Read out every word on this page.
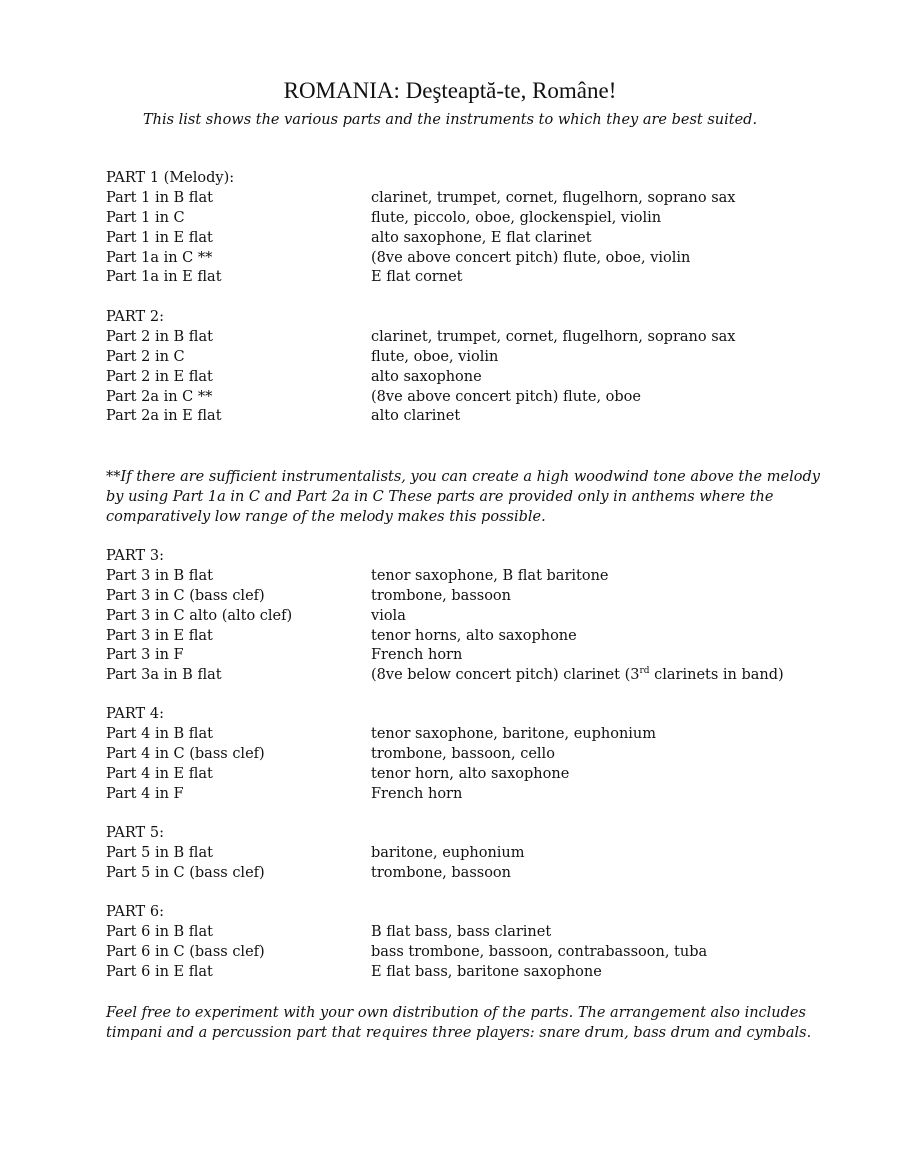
ROMANIA: Deşteaptă-te, Române!
This list shows the various parts and the instruments to which they are best suited.
PART 1 (Melody):
Part 1 in B flat	clarinet, trumpet, cornet, flugelhorn, soprano sax
Part 1 in C	flute, piccolo, oboe, glockenspiel, violin
Part 1 in E flat	alto saxophone, E flat clarinet
Part 1a in C **	(8ve above concert pitch) flute, oboe, violin
Part 1a in E flat	E flat cornet
PART 2:
Part 2 in B flat	clarinet, trumpet, cornet, flugelhorn, soprano sax
Part 2 in C	flute, oboe, violin
Part 2 in E flat	alto saxophone
Part 2a in C **	(8ve above concert pitch) flute, oboe
Part 2a in E flat	alto clarinet

**If there are sufficient instrumentalists, you can create a high woodwind tone above the melody

by using Part 1a in C and Part 2a in C These parts are provided only in anthems where the

comparatively low range of the melody makes this possible.

PART 3:
Part 3 in B flat	tenor saxophone, B flat baritone
Part 3 in C (bass clef)	trombone, bassoon
Part 3 in C alto (alto clef)	viola
Part 3 in E flat	tenor horns, alto saxophone
Part 3 in F	French horn
Part 3a in B flat	(8ve below concert pitch) clarinet (3rd clarinets in band)
PART 4:
Part 4 in B flat	tenor saxophone, baritone, euphonium
Part 4 in C (bass clef)	trombone, bassoon, cello
Part 4 in E flat	tenor horn, alto saxophone
Part 4 in F	French horn
PART 5:
Part 5 in B flat	baritone, euphonium
Part 5 in C (bass clef)	trombone, bassoon
PART 6:
Part 6 in B flat	B flat bass, bass clarinet
Part 6 in C (bass clef)	bass trombone, bassoon, contrabassoon, tuba
Part 6 in E flat	E flat bass, baritone saxophone

Feel free to experiment with your own distribution of the parts. The arrangement also includes

timpani and a percussion part that requires three players: snare drum, bass drum and cymbals.
